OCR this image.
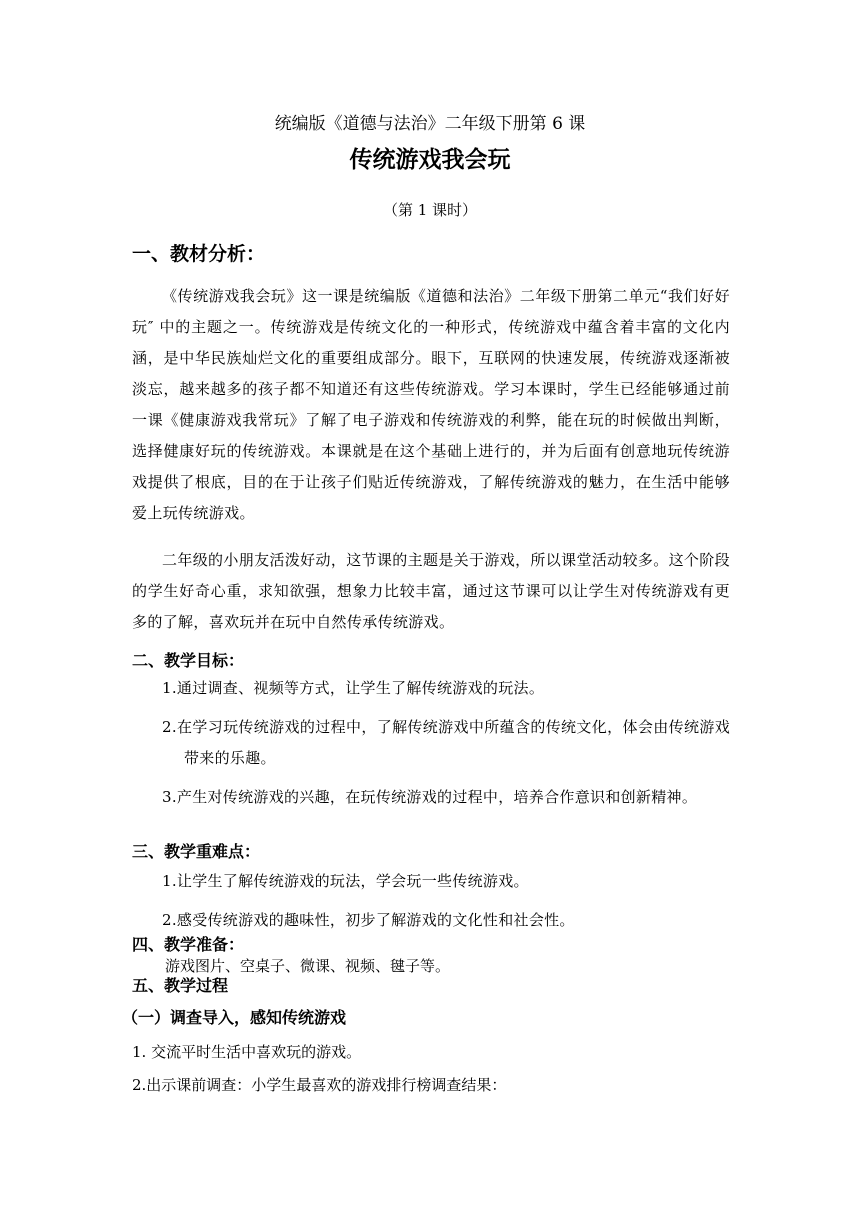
统编版《道德与法治》二年级下册第 6 课
传统游戏我会玩
（第 1 课时）
一、教材分析：

《传统游戏我会玩》这一课是统编版《道德和法治》二年级下册第二单元“我们好好玩″ 中的主题之一。传统游戏是传统文化的一种形式，传统游戏中蕴含着丰富的文化内涵，是中华民族灿烂文化的重要组成部分。眼下，互联网的快速发展，传统游戏逐渐被淡忘，越来越多的孩子都不知道还有这些传统游戏。学习本课时，学生已经能够通过前一课《健康游戏我常玩》了解了电子游戏和传统游戏的利弊，能在玩的时候做出判断，选择健康好玩的传统游戏。本课就是在这个基础上进行的，并为后面有创意地玩传统游戏提供了根底，目的在于让孩子们贴近传统游戏，了解传统游戏的魅力，在生活中能够爱上玩传统游戏。

二年级的小朋友活泼好动，这节课的主题是关于游戏，所以课堂活动较多。这个阶段的学生好奇心重，求知欲强，想象力比较丰富，通过这节课可以让学生对传统游戏有更多的了解，喜欢玩并在玩中自然传承传统游戏。

二、教学目标：

1.通过调查、视频等方式，让学生了解传统游戏的玩法。

2.在学习玩传统游戏的过程中，了解传统游戏中所蕴含的传统文化，体会由传统游戏带来的乐趣。

3.产生对传统游戏的兴趣，在玩传统游戏的过程中，培养合作意识和创新精神。

三、教学重难点：

1.让学生了解传统游戏的玩法，学会玩一些传统游戏。

2.感受传统游戏的趣味性，初步了解游戏的文化性和社会性。

四、教学准备：
游戏图片、空桌子、微课、视频、毽子等。
五、教学过程
（一）调查导入，感知传统游戏
1. 交流平时生活中喜欢玩的游戏。
2.出示课前调查：小学生最喜欢的游戏排行榜调查结果：
